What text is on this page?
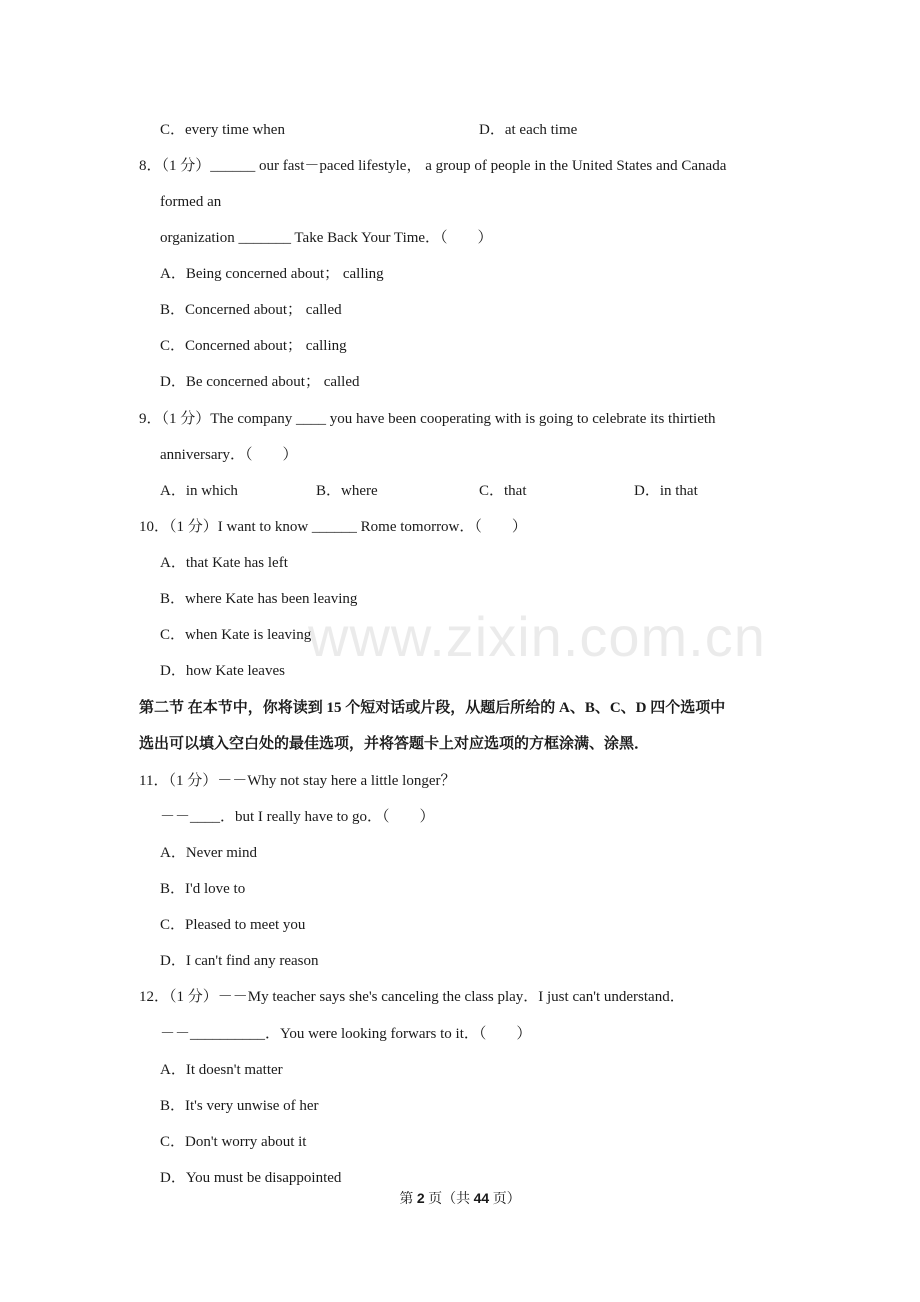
www.zixin.com.cn
C．every time when	D．at each time
8．（1 分）______ our fast－paced lifestyle， a group of people in the United States and Canada
formed an
organization _______ Take Back Your Time．（　　）
A．Being concerned about； calling
B．Concerned about； called
C．Concerned about； calling
D．Be concerned about； called
9．（1 分）The company ____ you have been cooperating with is going to celebrate its thirtieth
anniversary．（　　）
A．in which	B．where	C．that	D．in that
10．（1 分）I want to know ______ Rome tomorrow．（　　）
A．that Kate has left
B．where Kate has been leaving
C．when Kate is leaving
D．how Kate leaves
第二节 在本节中，你将读到 15 个短对话或片段，从题后所给的 A、B、C、D 四个选项中
选出可以填入空白处的最佳选项，并将答题卡上对应选项的方框涂满、涂黑．
11．（1 分）－－Why not stay here a little longer？
－－____．but I really have to go．（　　）
A．Never mind
B．I'd love to
C．Pleased to meet you
D．I can't find any reason
12．（1 分）－－My teacher says she's canceling the class play．I just can't understand．
－－__________．You were looking forwars to it．（　　）
A．It doesn't matter
B．It's very unwise of her
C．Don't worry about it
D．You must be disappointed
第 2 页（共 44 页）
